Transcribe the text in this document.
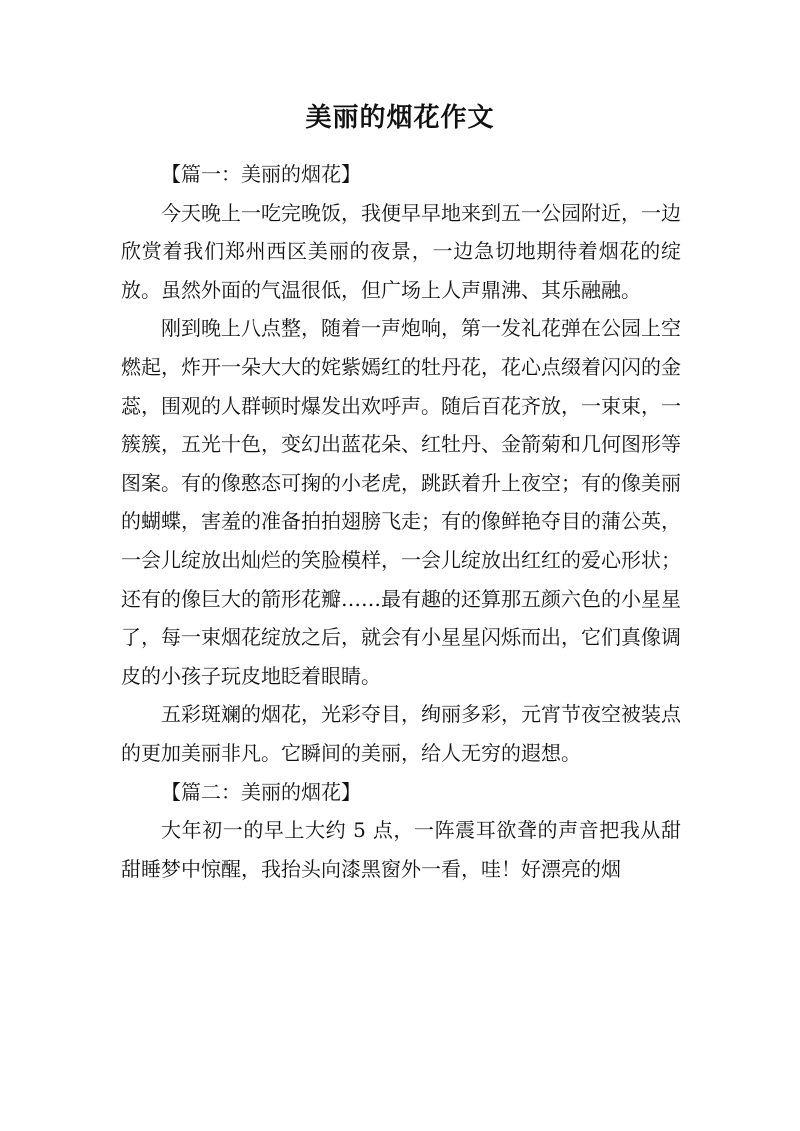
美丽的烟花作文

【篇一：美丽的烟花】

今天晚上一吃完晚饭，我便早早地来到五一公园附近，一边欣赏着我们郑州西区美丽的夜景，一边急切地期待着烟花的绽放。虽然外面的气温很低，但广场上人声鼎沸、其乐融融。

刚到晚上八点整，随着一声炮响，第一发礼花弹在公园上空燃起，炸开一朵大大的姹紫嫣红的牡丹花，花心点缀着闪闪的金蕊，围观的人群顿时爆发出欢呼声。随后百花齐放，一束束，一簇簇，五光十色，变幻出蓝花朵、红牡丹、金箭菊和几何图形等图案。有的像憨态可掬的小老虎，跳跃着升上夜空；有的像美丽的蝴蝶，害羞的准备拍拍翅膀飞走；有的像鲜艳夺目的蒲公英，一会儿绽放出灿烂的笑脸模样，一会儿绽放出红红的爱心形状；还有的像巨大的箭形花瓣……最有趣的还算那五颜六色的小星星了，每一束烟花绽放之后，就会有小星星闪烁而出，它们真像调皮的小孩子玩皮地眨着眼睛。

五彩斑斓的烟花，光彩夺目，绚丽多彩，元宵节夜空被装点的更加美丽非凡。它瞬间的美丽，给人无穷的遐想。

【篇二：美丽的烟花】

大年初一的早上大约 5 点，一阵震耳欲聋的声音把我从甜甜睡梦中惊醒，我抬头向漆黑窗外一看，哇！好漂亮的烟
